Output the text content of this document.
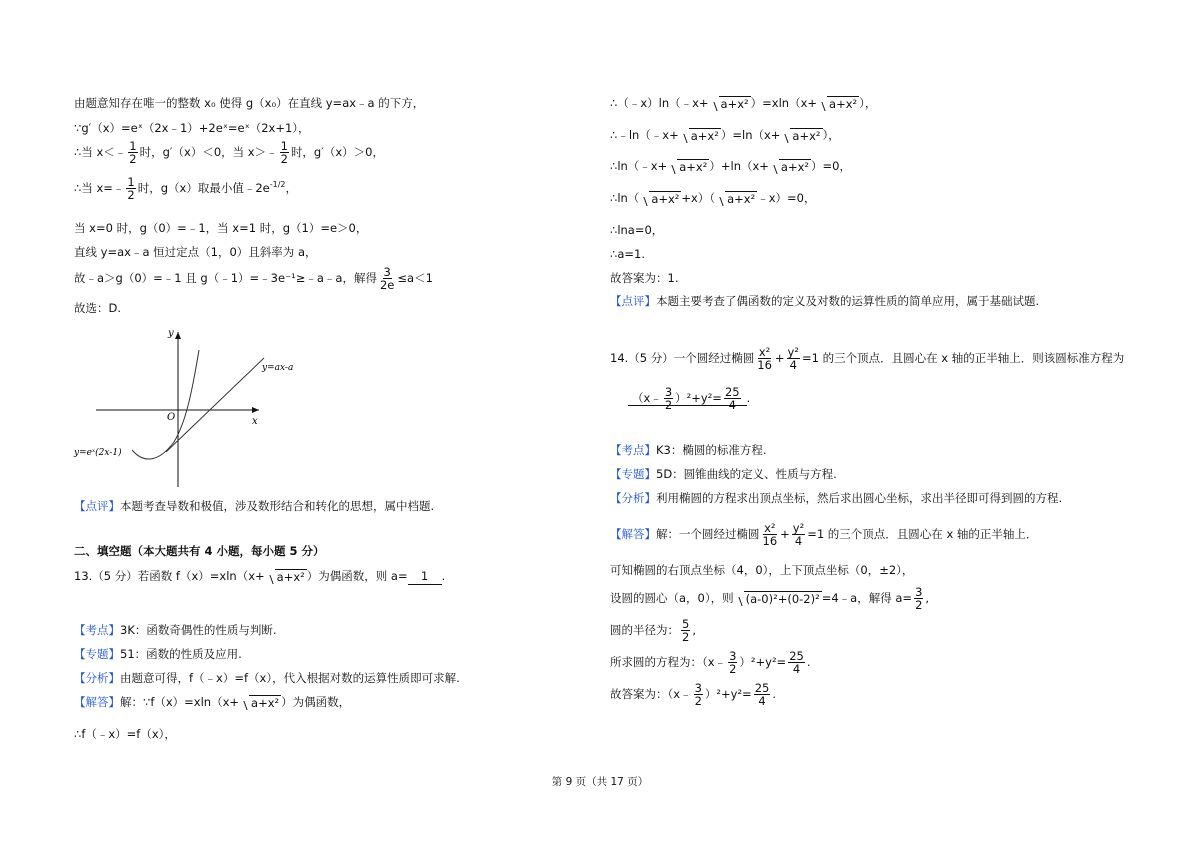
由题意知存在唯一的整数 x₀ 使得 g（x₀）在直线 y=ax﹣a 的下方，
∵g′（x）=eˣ（2x﹣1）+2eˣ=eˣ（2x+1），
∴当 x＜﹣ $\frac{1}{2}$ 时，g′（x）＜0，当 x＞﹣ $\frac{1}{2}$ 时，g′（x）＞0，
∴当 x=﹣ $\frac{1}{2}$ 时，g（x）取最小值$﹣2e^{-1/2}$，
当 x=0 时，g（0）=﹣1，当 x=1 时，g（1）=e＞0，
直线 y=ax﹣a 恒过定点（1，0）且斜率为 a，
故﹣a＞g（0）=﹣1 且 g（﹣1）=﹣3e⁻¹≥﹣a﹣a，解得 $\frac{3}{2e} \le a<1$
故选：D.
【点评】本题考查导数和极值，涉及数形结合和转化的思想，属中档题.
二、填空题（本大题共有 4 小题，每小题 5 分）
13.（5 分）若函数 f（x）=xln（x+ a+x² ）为偶函数，则 a= 1 .
【考点】3K：函数奇偶性的性质与判断.
【专题】51：函数的性质及应用.
【分析】由题意可得，f（﹣x）=f（x），代入根据对数的运算性质即可求解.
【解答】解：∵f（x）=xln（x+ a+x² ）为偶函数，
∴f（﹣x）=f（x），
y
x
O
y=ax-a
y=eˣ(2x-1)
∴（﹣x）ln（﹣x+ a+x² ）=xln（x+ a+x² ），
∴﹣ln（﹣x+ a+x² ）=ln（x+ a+x² ），
∴ln（﹣x+ a+x² ）+ln（x+ a+x² ）=0，
∴ln（ a+x² +x）（ a+x² ﹣x）=0，
∴lna=0，
∴a=1.
故答案为：1.
【点评】本题主要考查了偶函数的定义及对数的运算性质的简单应用，属于基础试题.
14.（5 分）一个圆经过椭圆 $\frac{\text{x²}}{16} + \frac{\text{y²}}{4} =1$ 的三个顶点．且圆心在 x 轴的正半轴上．则该圆标准方程为
（x﹣ $\frac{3}{2} )^2+y^2= \frac{25}{4}$ .
【考点】K3：椭圆的标准方程.
【专题】5D：圆锥曲线的定义、性质与方程.
【分析】利用椭圆的方程求出顶点坐标，然后求出圆心坐标，求出半径即可得到圆的方程.
【解答】解：一个圆经过椭圆 $\frac{\text{x²}}{16} + \frac{\text{y²}}{4} =1$ 的三个顶点．且圆心在 x 轴的正半轴上．
可知椭圆的右顶点坐标（4，0），上下顶点坐标（0，±2），
设圆的圆心（a，0），则 (a-0)²+(0-2)² =4﹣a，解得 $a= \frac{3}{2}$ ,
圆的半径为： $\frac{5}{2}$ ,
所求圆的方程为：（x﹣ $\frac{3}{2} )^2+y^2= \frac{25}{4}$ .
故答案为：（x﹣ $\frac{3}{2} )^2+y^2= \frac{25}{4}$ .
第 9 页（共 17 页）
